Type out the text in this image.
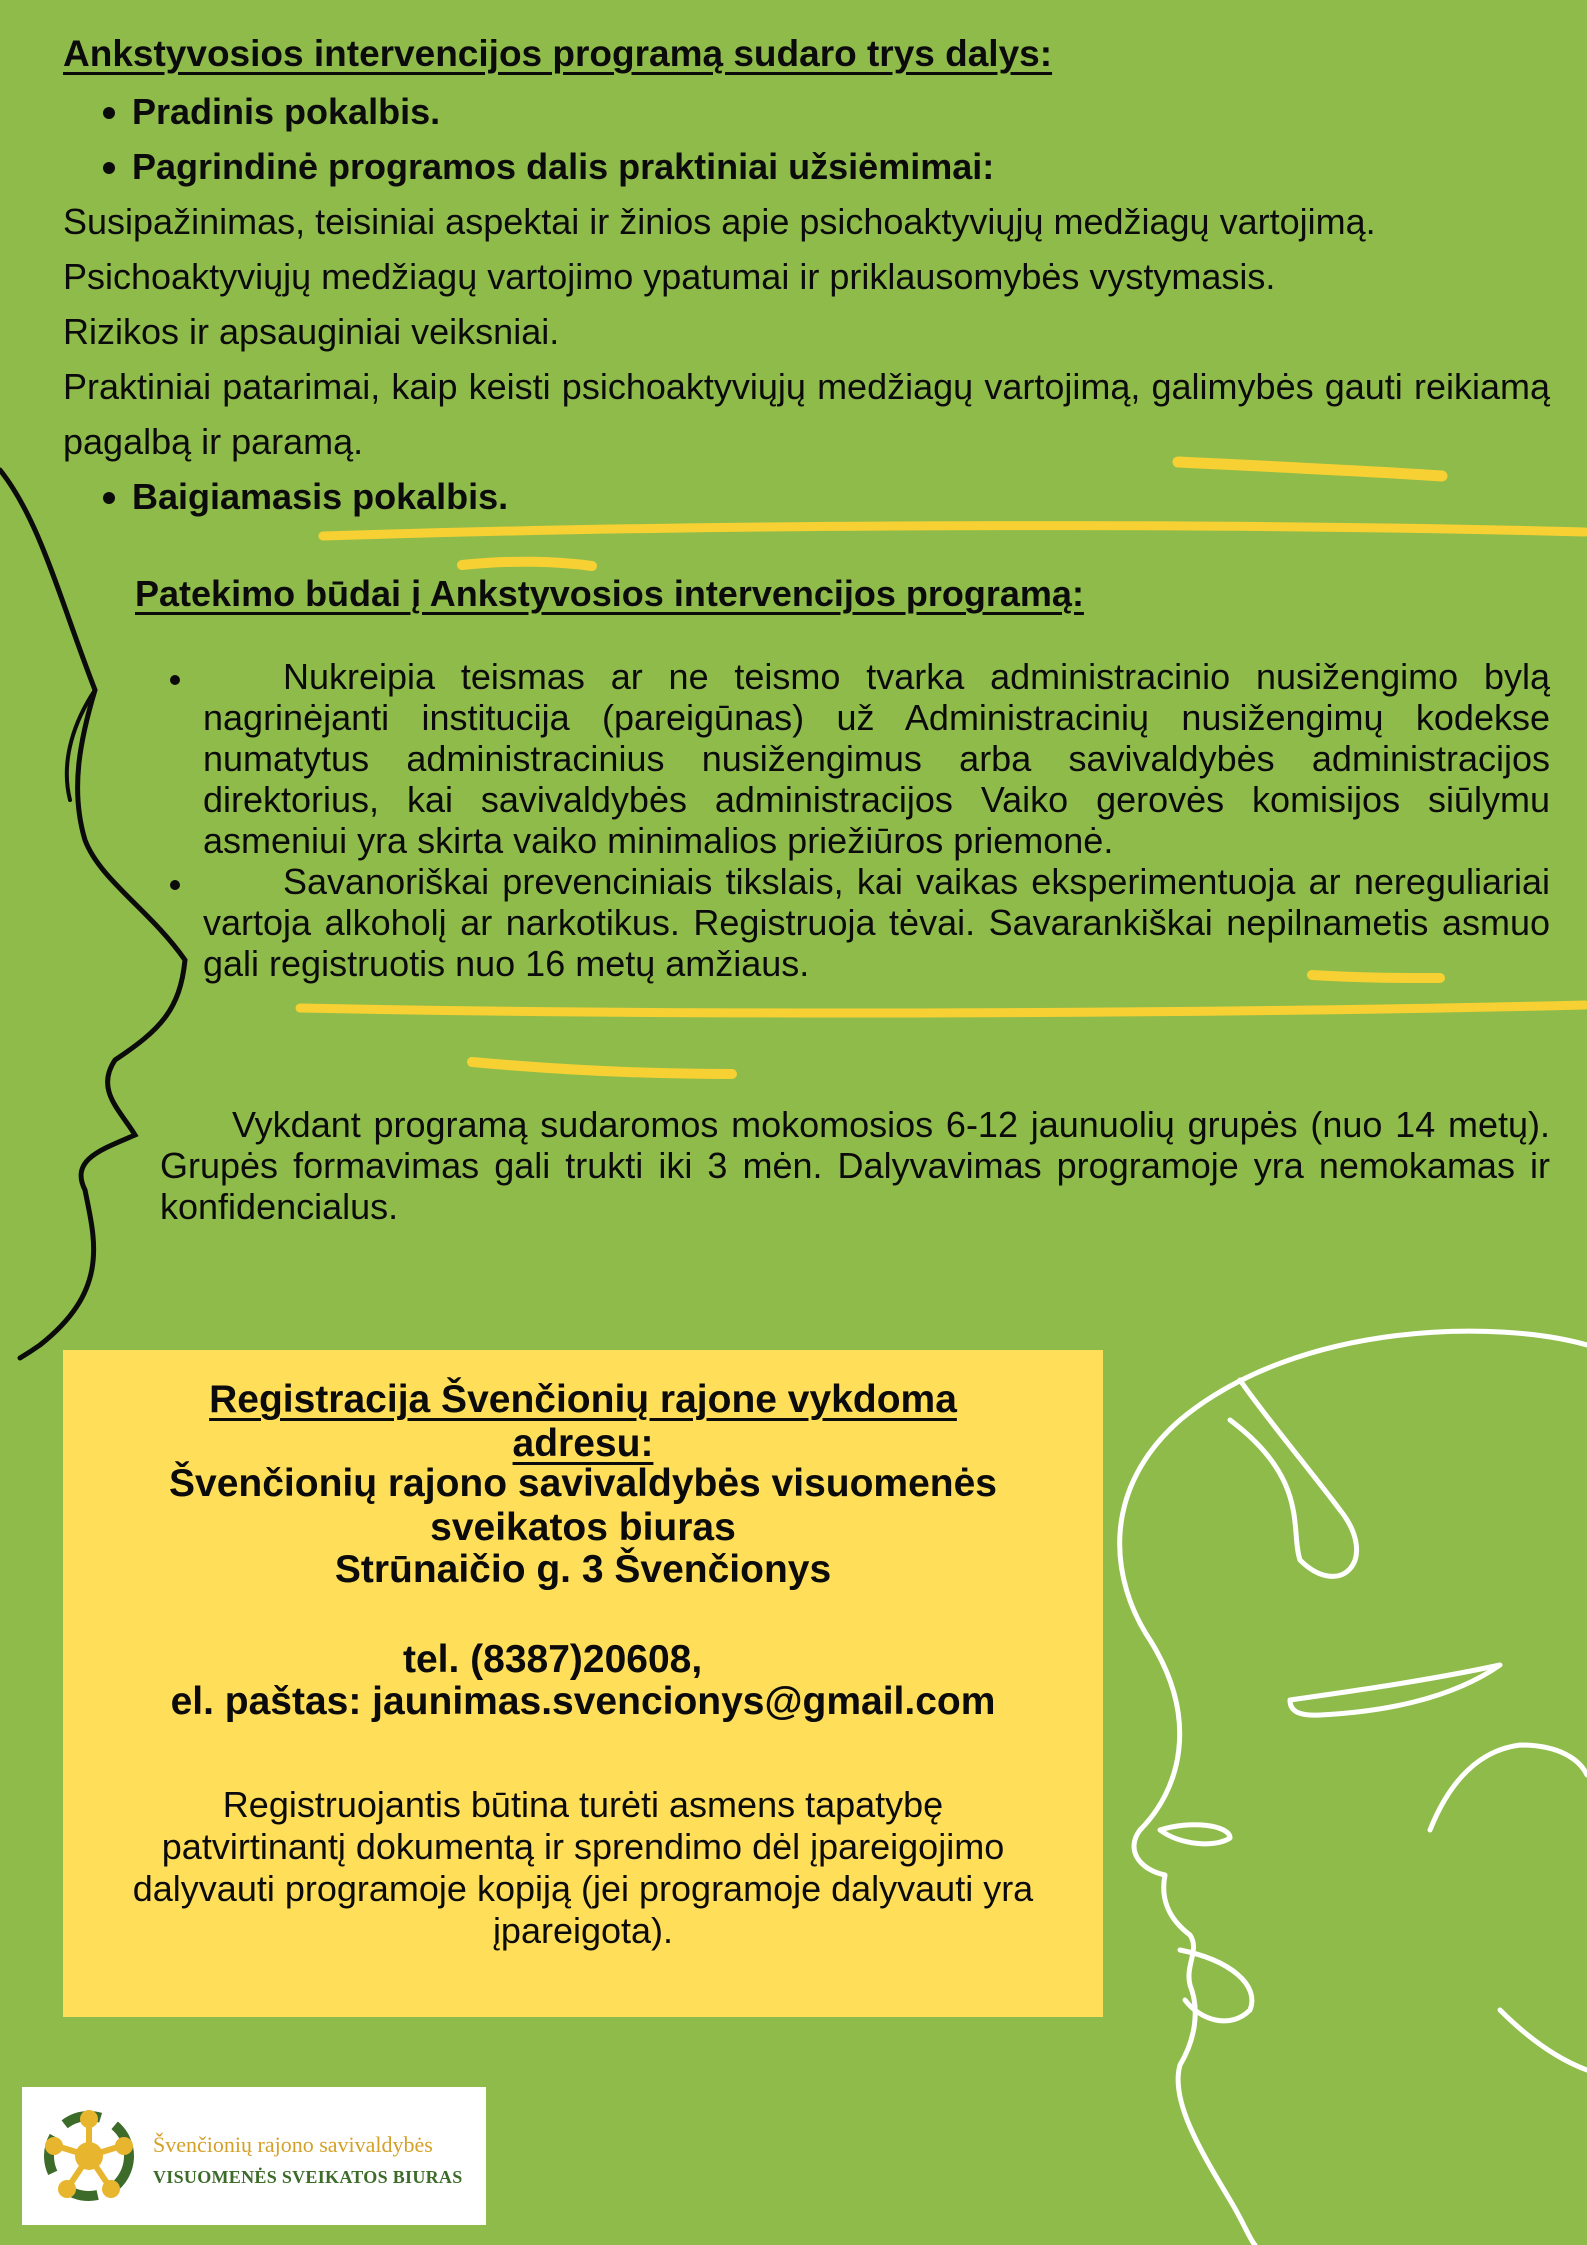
Ankstyvosios intervencijos programą sudaro trys dalys:
Pradinis pokalbis.
Pagrindinė programos dalis praktiniai užsiėmimai:
Susipažinimas, teisiniai aspektai ir žinios apie psichoaktyviųjų medžiagų vartojimą.
Psichoaktyviųjų medžiagų vartojimo ypatumai ir priklausomybės vystymasis.
Rizikos ir apsauginiai veiksniai.
Praktiniai patarimai, kaip keisti psichoaktyviųjų medžiagų vartojimą, galimybės gauti reikiamą pagalbą ir paramą.
Baigiamasis pokalbis.
Patekimo būdai į Ankstyvosios intervencijos programą:
Nukreipia teismas ar ne teismo tvarka administracinio nusižengimo bylą nagrinėjanti institucija (pareigūnas) už Administracinių nusižengimų kodekse numatytus administracinius nusižengimus arba savivaldybės administracijos direktorius, kai savivaldybės administracijos Vaiko gerovės komisijos siūlymu asmeniui yra skirta vaiko minimalios priežiūros priemonė.
Savanoriškai prevenciniais tikslais, kai vaikas eksperimentuoja ar nereguliariai vartoja alkoholį ar narkotikus. Registruoja tėvai. Savarankiškai nepilnametis asmuo gali registruotis nuo 16 metų amžiaus.
Vykdant programą sudaromos mokomosios 6-12 jaunuolių grupės (nuo 14 metų). Grupės formavimas gali trukti iki 3 mėn. Dalyvavimas programoje yra nemokamas ir konfidencialus.
Registracija Švenčionių rajone vykdoma
adresu:
Švenčionių rajono savivaldybės visuomenės
sveikatos biuras
Strūnaičio g. 3 Švenčionys
tel. (8387)20608,
el. paštas: jaunimas.svencionys@gmail.com
Registruojantis būtina turėti asmens tapatybę
patvirtinantį dokumentą ir sprendimo dėl įpareigojimo
dalyvauti programoje kopiją (jei programoje dalyvauti yra
įpareigota).
Švenčionių rajono savivaldybės
VISUOMENĖS SVEIKATOS BIURAS
